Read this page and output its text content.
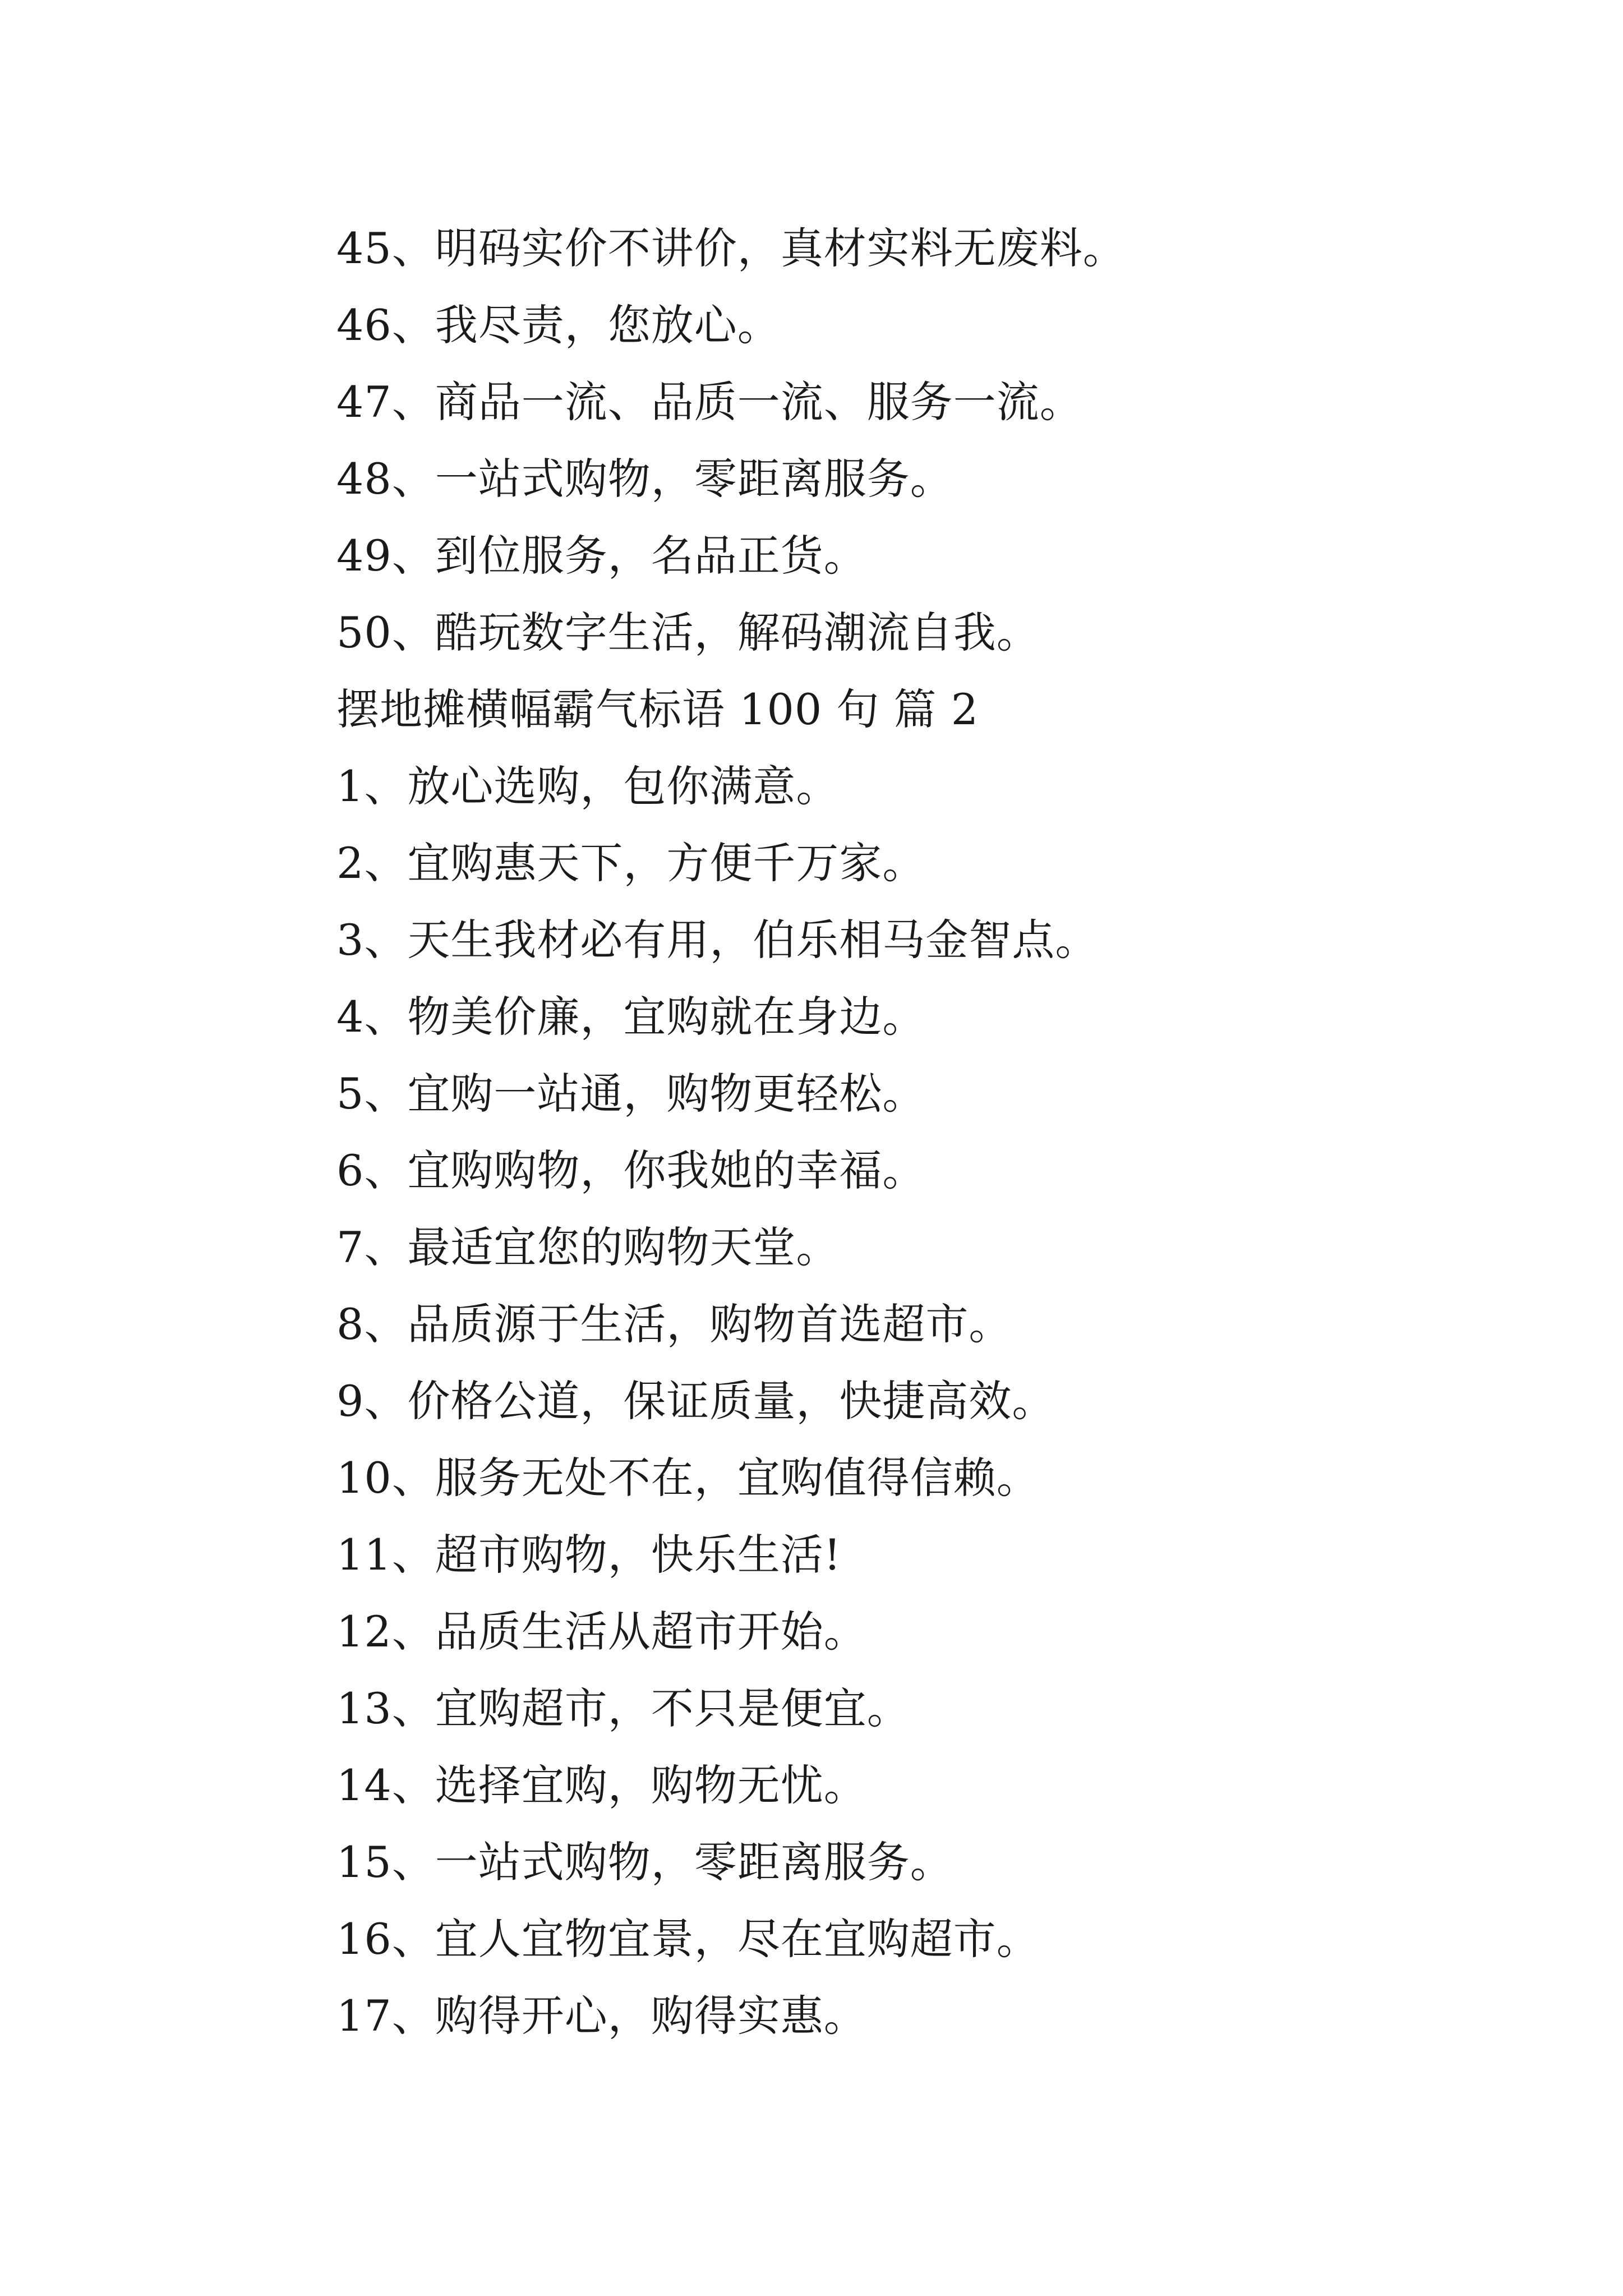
45、明码实价不讲价，真材实料无废料。
46、我尽责，您放心。
47、商品一流、品质一流、服务一流。
48、一站式购物，零距离服务。
49、到位服务，名品正货。
50、酷玩数字生活，解码潮流自我。
摆地摊横幅霸气标语 100 句 篇 2
1、放心选购，包你满意。
2、宜购惠天下，方便千万家。
3、天生我材必有用，伯乐相马金智点。
4、物美价廉，宜购就在身边。
5、宜购一站通，购物更轻松。
6、宜购购物，你我她的幸福。
7、最适宜您的购物天堂。
8、品质源于生活，购物首选超市。
9、价格公道，保证质量，快捷高效。
10、服务无处不在，宜购值得信赖。
11、超市购物，快乐生活!
12、品质生活从超市开始。
13、宜购超市，不只是便宜。
14、选择宜购，购物无忧。
15、一站式购物，零距离服务。
16、宜人宜物宜景，尽在宜购超市。
17、购得开心，购得实惠。
